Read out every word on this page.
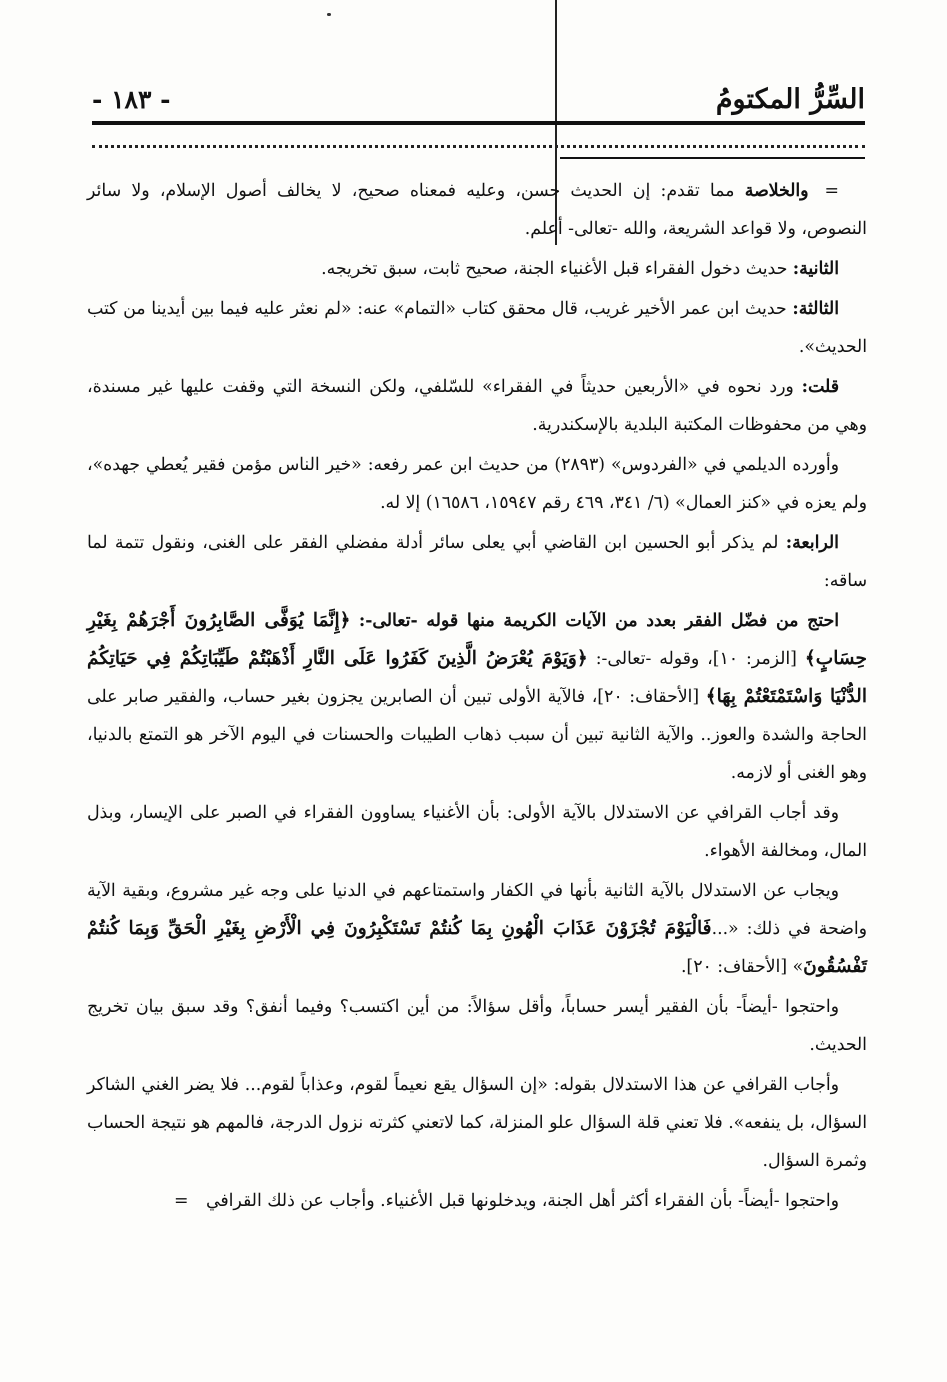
السِّرُّ المكتومُ
- ١٨٣ -

=والخلاصة مما تقدم: إن الحديث حسن، وعليه فمعناه صحيح، لا يخالف أصول الإسلام، ولا سائر النصوص، ولا قواعد الشريعة، والله -تعالى- أعلم.

الثانية: حديث دخول الفقراء قبل الأغنياء الجنة، صحيح ثابت، سبق تخريجه.

الثالثة: حديث ابن عمر الأخير غريب، قال محقق كتاب «التمام» عنه: «لم نعثر عليه فيما بين أيدينا من كتب الحديث».

قلت: ورد نحوه في «الأربعين حديثاً في الفقراء» للسّلفي، ولكن النسخة التي وقفت عليها غير مسندة، وهي من محفوظات المكتبة البلدية بالإسكندرية.

وأورده الديلمي في «الفردوس» (٢٨٩٣) من حديث ابن عمر رفعه: «خير الناس مؤمن فقير يُعطي جهده»، ولم يعزه في «كنز العمال» (٦/ ٣٤١، ٤٦٩ رقم ١٥٩٤٧، ١٦٥٨٦) إلا له.

الرابعة: لم يذكر أبو الحسين ابن القاضي أبي يعلى سائر أدلة مفضلي الفقر على الغنى، ونقول تتمة لما ساقه:

احتج من فضّل الفقر بعدد من الآيات الكريمة منها قوله -تعالى-: ﴿إِنَّمَا يُوَفَّى الصَّابِرُونَ أَجْرَهُمْ بِغَيْرِ حِسَابٍ﴾ [الزمر: ١٠]، وقوله -تعالى-: ﴿وَيَوْمَ يُعْرَضُ الَّذِينَ كَفَرُوا عَلَى النَّارِ أَذْهَبْتُمْ طَيِّبَاتِكُمْ فِي حَيَاتِكُمُ الدُّنْيَا وَاسْتَمْتَعْتُمْ بِهَا﴾ [الأحقاف: ٢٠]، فالآية الأولى تبين أن الصابرين يجزون بغير حساب، والفقير صابر على الحاجة والشدة والعوز.. والآية الثانية تبين أن سبب ذهاب الطيبات والحسنات في اليوم الآخر هو التمتع بالدنيا، وهو الغنى أو لازمه.

وقد أجاب القرافي عن الاستدلال بالآية الأولى: بأن الأغنياء يساوون الفقراء في الصبر على الإيسار، وبذل المال، ومخالفة الأهواء.

ويجاب عن الاستدلال بالآية الثانية بأنها في الكفار واستمتاعهم في الدنيا على وجه غير مشروع، وبقية الآية واضحة في ذلك: «...فَالْيَوْمَ تُجْزَوْنَ عَذَابَ الْهُونِ بِمَا كُنتُمْ تَسْتَكْبِرُونَ فِي الْأَرْضِ بِغَيْرِ الْحَقِّ وَبِمَا كُنتُمْ تَفْسُقُونَ» [الأحقاف: ٢٠].

واحتجوا -أيضاً- بأن الفقير أيسر حساباً، وأقل سؤالاً: من أين اكتسب؟ وفيما أنفق؟ وقد سبق بيان تخريج الحديث.

وأجاب القرافي عن هذا الاستدلال بقوله: «إن السؤال يقع نعيماً لقوم، وعذاباً لقوم... فلا يضر الغني الشاكر السؤال، بل ينفعه». فلا تعني قلة السؤال علو المنزلة، كما لاتعني كثرته نزول الدرجة، فالمهم هو نتيجة الحساب وثمرة السؤال.

واحتجوا -أيضاً- بأن الفقراء أكثر أهل الجنة، ويدخلونها قبل الأغنياء. وأجاب عن ذلك القرافي =
